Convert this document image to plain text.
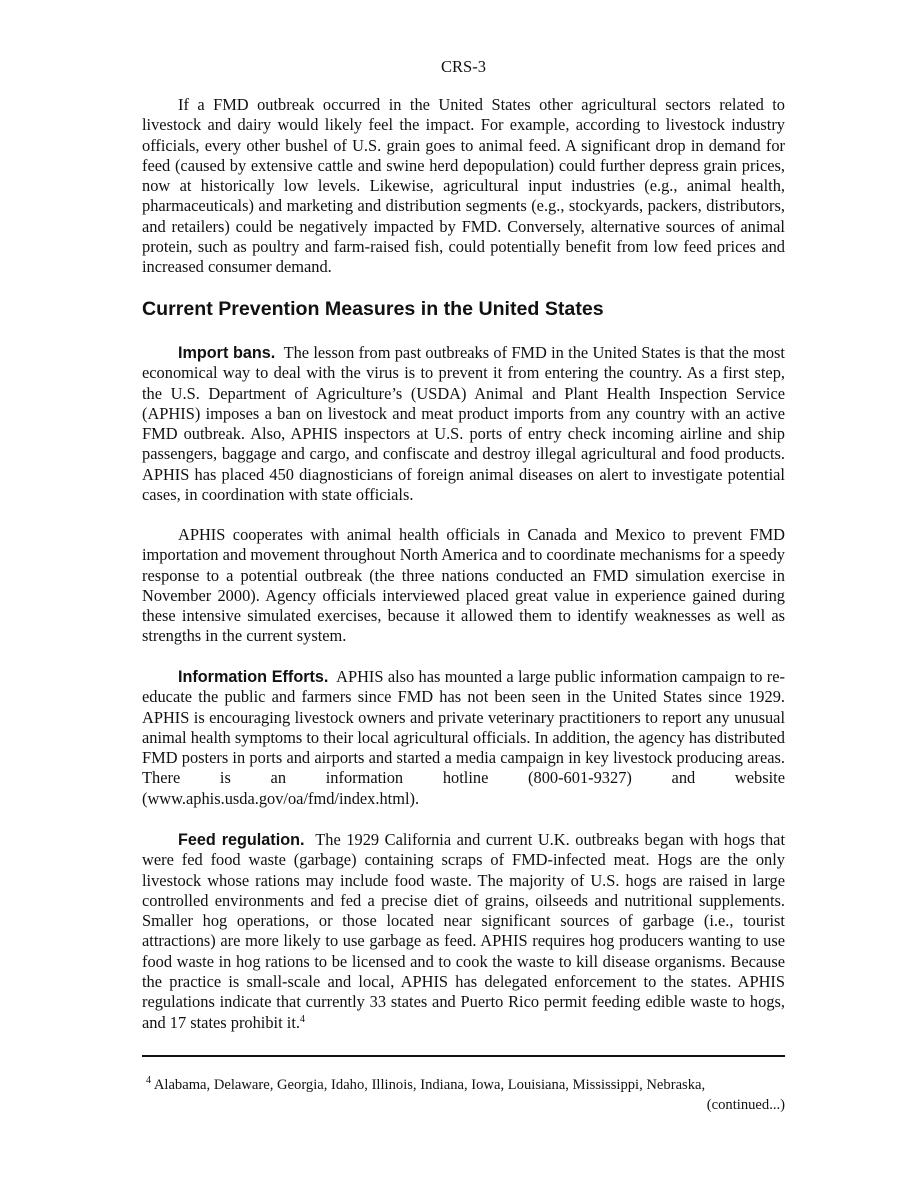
CRS-3

If a FMD outbreak occurred in the United States other agricultural sectors related to livestock and dairy would likely feel the impact. For example, according to livestock industry officials, every other bushel of U.S. grain goes to animal feed. A significant drop in demand for feed (caused by extensive cattle and swine herd depopulation) could further depress grain prices, now at historically low levels. Likewise, agricultural input industries (e.g., animal health, pharmaceuticals) and marketing and distribution segments (e.g., stockyards, packers, distributors, and retailers) could be negatively impacted by FMD. Conversely, alternative sources of animal protein, such as poultry and farm-raised fish, could potentially benefit from low feed prices and increased consumer demand.

Current Prevention Measures in the United States

Import bans. The lesson from past outbreaks of FMD in the United States is that the most economical way to deal with the virus is to prevent it from entering the country. As a first step, the U.S. Department of Agriculture’s (USDA) Animal and Plant Health Inspection Service (APHIS) imposes a ban on livestock and meat product imports from any country with an active FMD outbreak. Also, APHIS inspectors at U.S. ports of entry check incoming airline and ship passengers, baggage and cargo, and confiscate and destroy illegal agricultural and food products. APHIS has placed 450 diagnosticians of foreign animal diseases on alert to investigate potential cases, in coordination with state officials.

APHIS cooperates with animal health officials in Canada and Mexico to prevent FMD importation and movement throughout North America and to coordinate mechanisms for a speedy response to a potential outbreak (the three nations conducted an FMD simulation exercise in November 2000). Agency officials interviewed placed great value in experience gained during these intensive simulated exercises, because it allowed them to identify weaknesses as well as strengths in the current system.

Information Efforts. APHIS also has mounted a large public information campaign to re-educate the public and farmers since FMD has not been seen in the United States since 1929. APHIS is encouraging livestock owners and private veterinary practitioners to report any unusual animal health symptoms to their local agricultural officials. In addition, the agency has distributed FMD posters in ports and airports and started a media campaign in key livestock producing areas. There is an information hotline (800-601-9327) and website (www.aphis.usda.gov/oa/fmd/index.html).

Feed regulation. The 1929 California and current U.K. outbreaks began with hogs that were fed food waste (garbage) containing scraps of FMD-infected meat. Hogs are the only livestock whose rations may include food waste. The majority of U.S. hogs are raised in large controlled environments and fed a precise diet of grains, oilseeds and nutritional supplements. Smaller hog operations, or those located near significant sources of garbage (i.e., tourist attractions) are more likely to use garbage as feed. APHIS requires hog producers wanting to use food waste in hog rations to be licensed and to cook the waste to kill disease organisms. Because the practice is small-scale and local, APHIS has delegated enforcement to the states. APHIS regulations indicate that currently 33 states and Puerto Rico permit feeding edible waste to hogs, and 17 states prohibit it.$^4$

$^4$ Alabama, Delaware, Georgia, Idaho, Illinois, Indiana, Iowa, Louisiana, Mississippi, Nebraska,
(continued...)
